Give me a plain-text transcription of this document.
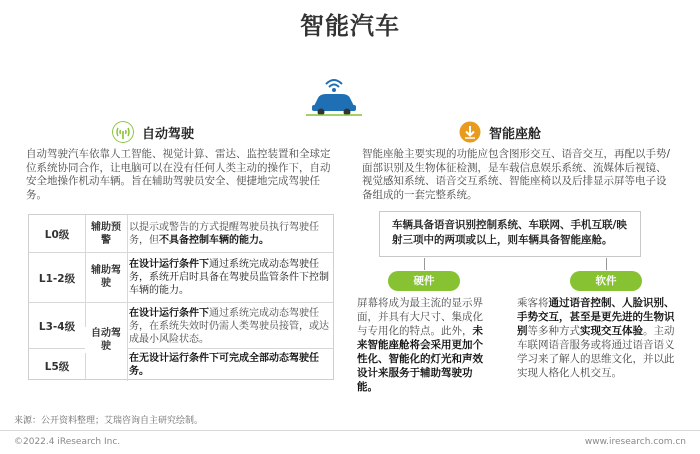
智能汽车
自动驾驶
自动驾驶汽车依靠人工智能、视觉计算、雷达、监控装置和全球定位系统协同合作，让电脑可以在没有任何人类主动的操作下，自动安全地操作机动车辆。旨在辅助驾驶员安全、便捷地完成驾驶任务。
L0级
辅助预警
以提示或警告的方式提醒驾驶员执行驾驶任务，但不具备控制车辆的能力。
L1-2级
辅助驾驶
在设计运行条件下通过系统完成动态驾驶任务，系统开启时具备在驾驶员监管条件下控制车辆的能力。
L3-4级
在设计运行条件下通过系统完成动态驾驶任务，在系统失效时仍需人类驾驶员接管，或达成最小风险状态。
自动驾驶
L5级
在无设计运行条件下可完成全部动态驾驶任务。
智能座舱
智能座舱主要实现的功能应包含图形交互、语音交互，再配以手势/面部识别及生物体征检测，是车载信息娱乐系统、流媒体后视镜、视觉感知系统、语音交互系统、智能座椅以及后排显示屏等电子设备组成的一套完整系统。
车辆具备语音识别控制系统、车联网、手机互联/映射三项中的两项或以上，则车辆具备智能座舱。
硬件	软件
屏幕将成为最主流的显示界面，并具有大尺寸、集成化与专用化的特点。此外，未来智能座舱将会采用更加个性化、智能化的灯光和声效设计来服务于辅助驾驶功能。
乘客将通过语音控制、人脸识别、手势交互，甚至是更先进的生物识别等多种方式实现交互体验。主动车联网语音服务或将通过语音语义学习来了解人的思维文化，并以此实现人格化人机交互。
来源：公开资料整理；艾瑞咨询自主研究绘制。
©2022.4 iResearch Inc.	www.iresearch.com.cn
